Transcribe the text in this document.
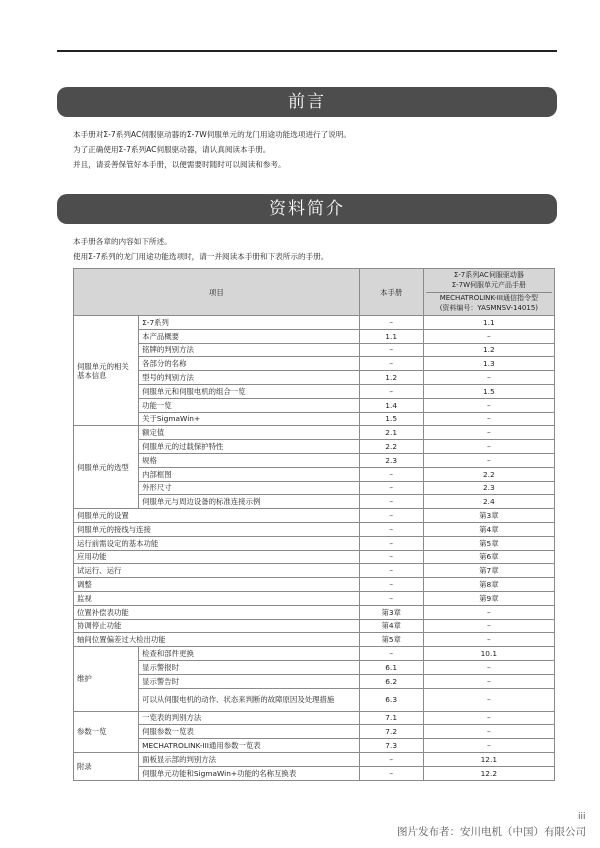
前言
本手册对Σ-7系列AC伺服驱动器的Σ-7W伺服单元的龙门用途功能选项进行了说明。
为了正确使用Σ-7系列AC伺服驱动器，请认真阅读本手册。
并且，请妥善保管好本手册，以便需要时随时可以阅读和参考。
资料简介
本手册各章的内容如下所述。
使用Σ-7系列的龙门用途功能选项时，请一并阅读本手册和下表所示的手册。
项目		本手册	Σ-7系列AC伺服驱动器
Σ-7W伺服单元产品手册
MECHATROLINK-III通信指令型
(资料编号：YASMNSV-14015)

伺服单元的相关基本信息	Σ-7系列	–	1.1
	本产品概要	1.1	–
	铭牌的判别方法	–	1.2
	各部分的名称	–	1.3
	型号的判别方法	1.2	–
	伺服单元和伺服电机的组合一览	–	1.5
	功能一览	1.4	–
	关于SigmaWin+	1.5	–
伺服单元的选型	额定值	2.1	–
	伺服单元的过载保护特性	2.2	–
	规格	2.3	–
	内部框图	–	2.2
	外形尺寸	–	2.3
	伺服单元与周边设备的标准连接示例	–	2.4
伺服单元的设置		–	第3章
伺服单元的接线与连接		–	第4章
运行前需设定的基本功能		–	第5章
应用功能		–	第6章
试运行、运行		–	第7章
调整		–	第8章
监视		–	第9章
位置补偿表功能		第3章	–
协调停止功能		第4章	–
轴间位置偏差过大检出功能		第5章	–
维护	检查和部件更换	–	10.1
	显示警报时	6.1	–
	显示警告时	6.2	–
	可以从伺服电机的动作、状态来判断的故障原因及处理措施	6.3	–
参数一览	一览表的判别方法	7.1	–
	伺服参数一览表	7.2	–
	MECHATROLINK-III通用参数一览表	7.3	–
附录	面板显示部的判别方法	–	12.1
	伺服单元功能和SigmaWin+功能的名称互换表	–	12.2
iii
图片发布者：安川电机（中国）有限公司
